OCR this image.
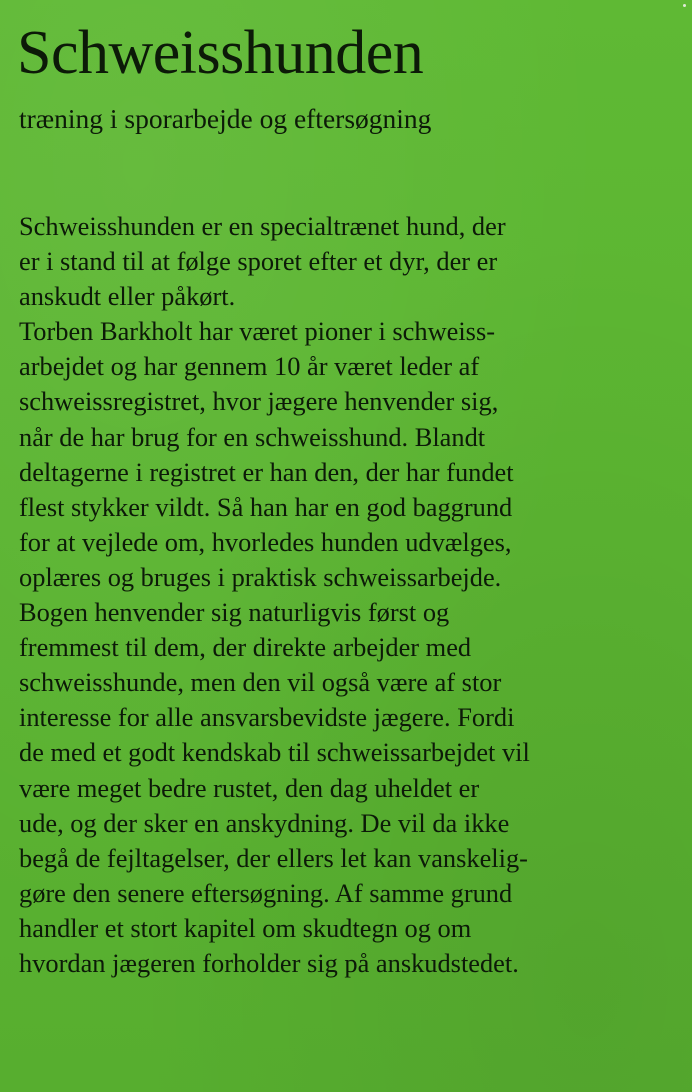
Schweisshunden

træning i sporarbejde og eftersøgning

Schweisshunden er en specialtrænet hund, der
er i stand til at følge sporet efter et dyr, der er
anskudt eller påkørt.
Torben Barkholt har været pioner i schweiss-
arbejdet og har gennem 10 år været leder af
schweissregistret, hvor jægere henvender sig,
når de har brug for en schweisshund. Blandt
deltagerne i registret er han den, der har fundet
flest stykker vildt. Så han har en god baggrund
for at vejlede om, hvorledes hunden udvælges,
oplæres og bruges i praktisk schweissarbejde.
Bogen henvender sig naturligvis først og
fremmest til dem, der direkte arbejder med
schweisshunde, men den vil også være af stor
interesse for alle ansvarsbevidste jægere. Fordi
de med et godt kendskab til schweissarbejdet vil
være meget bedre rustet, den dag uheldet er
ude, og der sker en anskydning. De vil da ikke
begå de fejltagelser, der ellers let kan vanskelig-
gøre den senere eftersøgning. Af samme grund
handler et stort kapitel om skudtegn og om
hvordan jægeren forholder sig på anskudstedet.
